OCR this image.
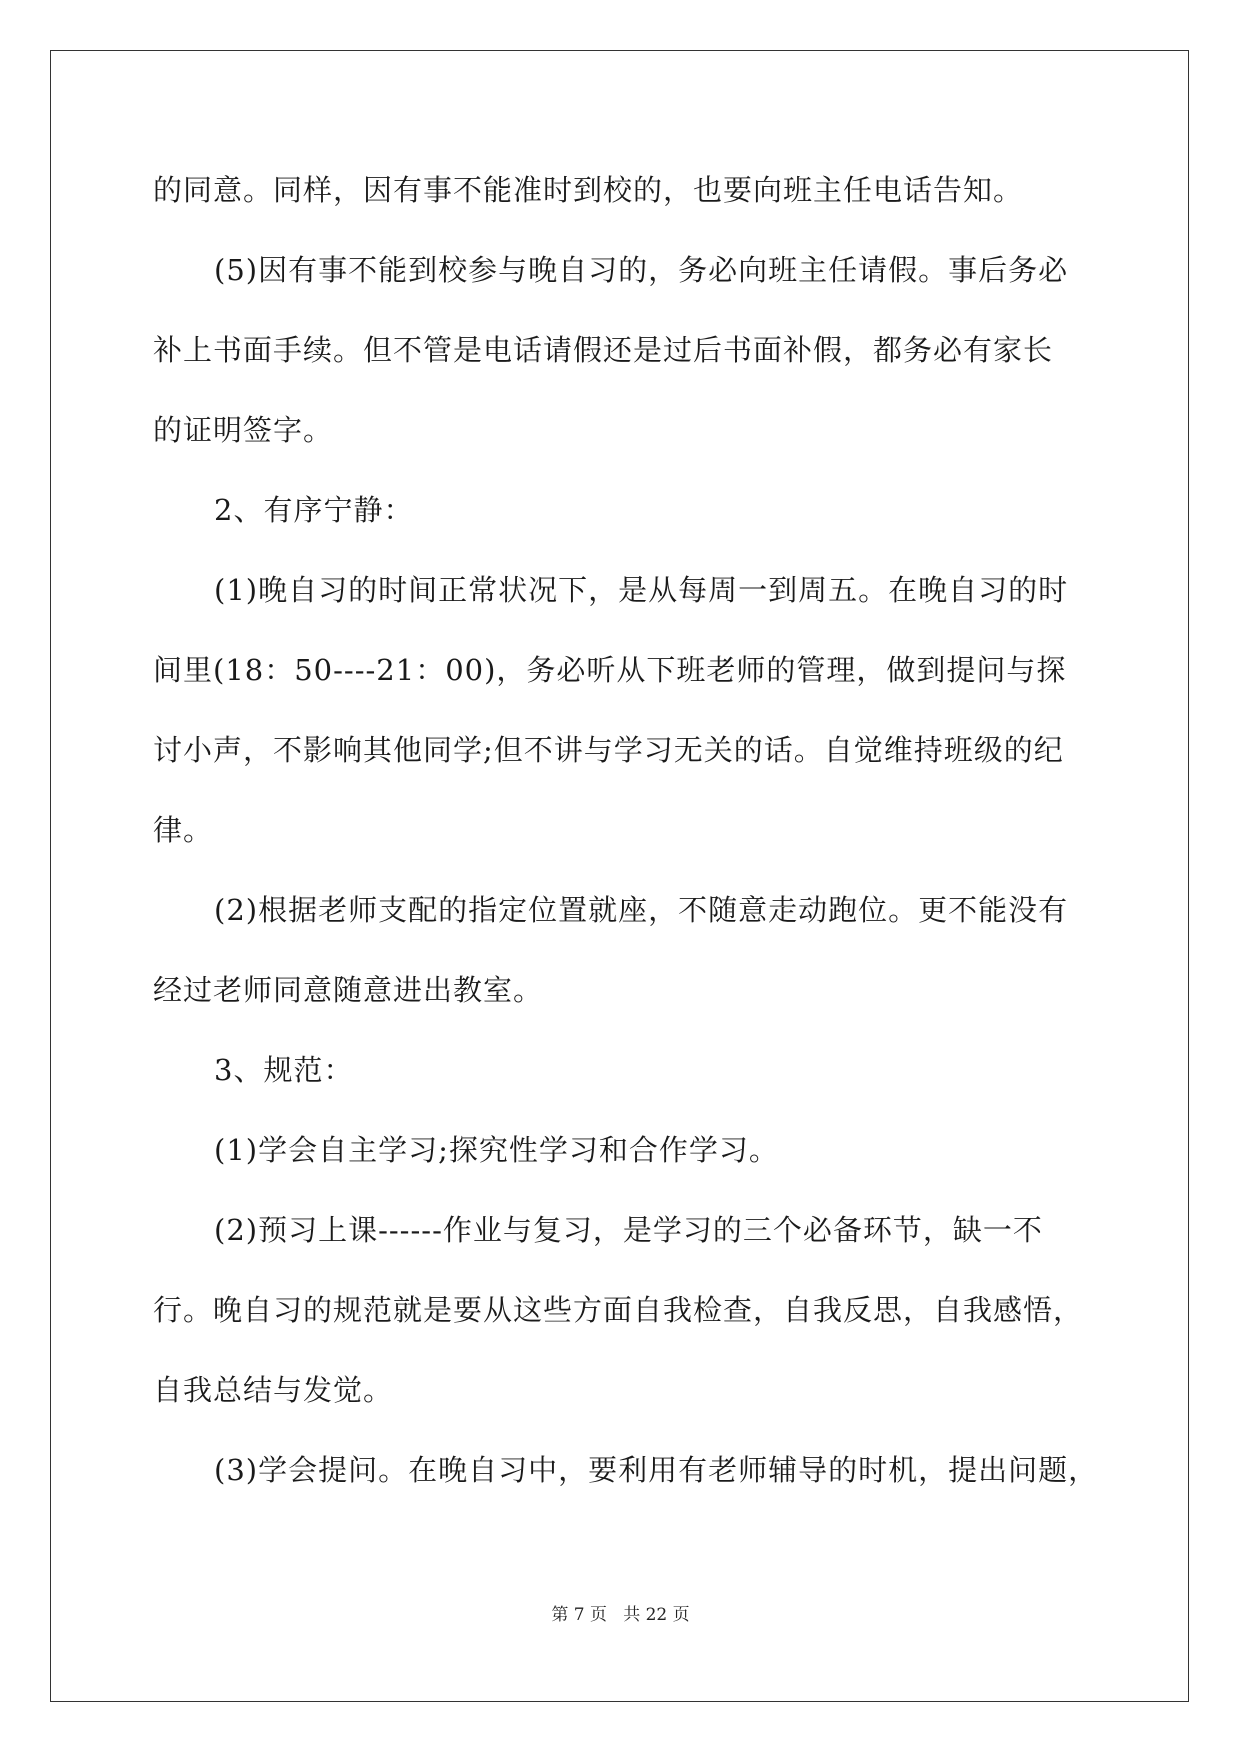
的同意。同样，因有事不能准时到校的，也要向班主任电话告知。
(5)因有事不能到校参与晚自习的，务必向班主任请假。事后务必
补上书面手续。但不管是电话请假还是过后书面补假，都务必有家长
的证明签字。
2、有序宁静：
(1)晚自习的时间正常状况下，是从每周一到周五。在晚自习的时
间里(18：50----21：00)，务必听从下班老师的管理，做到提问与探
讨小声，不影响其他同学;但不讲与学习无关的话。自觉维持班级的纪
律。
(2)根据老师支配的指定位置就座，不随意走动跑位。更不能没有
经过老师同意随意进出教室。
3、规范：
(1)学会自主学习;探究性学习和合作学习。
(2)预习上课------作业与复习，是学习的三个必备环节，缺一不
行。晚自习的规范就是要从这些方面自我检查，自我反思，自我感悟，
自我总结与发觉。
(3)学会提问。在晚自习中，要利用有老师辅导的时机，提出问题，
第 7 页 共 22 页
